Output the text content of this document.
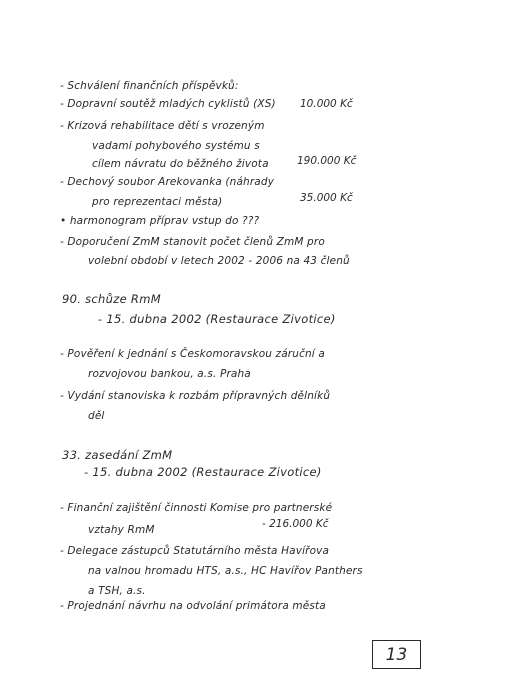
- Schválení finančních příspěvků:
- Dopravní soutěž mladých cyklistů (XS) 10.000 Kč
- Krizová rehabilitace dětí s vrozeným
vadami pohybového systému s
cílem návratu do běžného života	190.000 Kč
- Dechový soubor Arekovanka (náhrady
pro reprezentaci města)	35.000 Kč
• harmonogram příprav vstup do ???
- Doporučení ZmM stanovit počet členů ZmM pro
volební období v letech 2002 - 2006 na 43 členů
90. schůze RmM
- 15. dubna 2002 (Restaurace Zivotice)
- Pověření k jednání s Českomoravskou záruční a
rozvojovou bankou, a.s. Praha
- Vydání stanoviska k rozbám přípravných dělníků
děl
33. zasedání ZmM
- 15. dubna 2002 (Restaurace Zivotice)
- Finanční zajištění činnosti Komise pro partnerské
vztahy RmM	- 216.000 Kč
- Delegace zástupců Statutárního města Havířova
na valnou hromadu HTS, a.s., HC Havířov Panthers
a TSH, a.s.
- Projednání návrhu na odvolání primátora města
13
